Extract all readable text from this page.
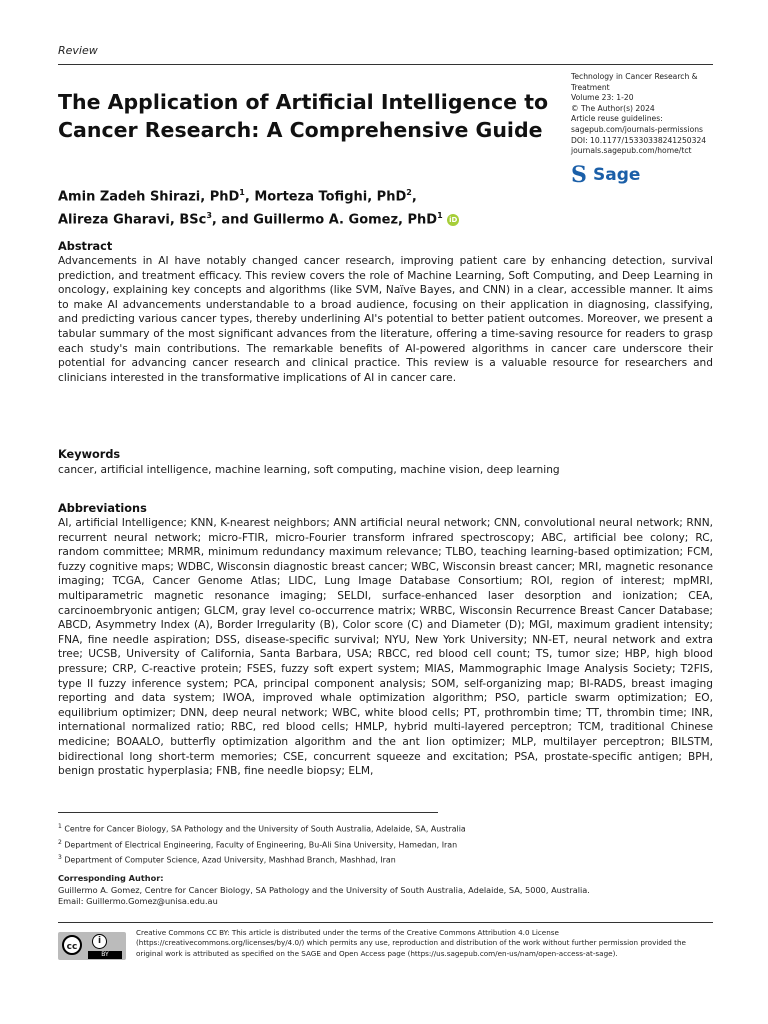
Review
The Application of Artificial Intelligence to Cancer Research: A Comprehensive Guide
Technology in Cancer Research & Treatment
Volume 23: 1-20
© The Author(s) 2024
Article reuse guidelines:
sagepub.com/journals-permissions
DOI: 10.1177/15330338241250324
journals.sagepub.com/home/tct
S Sage
Amin Zadeh Shirazi, PhD$^1$, Morteza Tofighi, PhD$^2$,
Alireza Gharavi, BSc$^3$, and Guillermo A. Gomez, PhD$^1$ iD
Abstract
Advancements in AI have notably changed cancer research, improving patient care by enhancing detection, survival prediction, and treatment efficacy. This review covers the role of Machine Learning, Soft Computing, and Deep Learning in oncology, explaining key concepts and algorithms (like SVM, Naïve Bayes, and CNN) in a clear, accessible manner. It aims to make AI advancements understandable to a broad audience, focusing on their application in diagnosing, classifying, and predicting various cancer types, thereby underlining AI's potential to better patient outcomes. Moreover, we present a tabular summary of the most significant advances from the literature, offering a time-saving resource for readers to grasp each study's main contributions. The remarkable benefits of AI-powered algorithms in cancer care underscore their potential for advancing cancer research and clinical practice. This review is a valuable resource for researchers and clinicians interested in the transformative implications of AI in cancer care.
Keywords
cancer, artificial intelligence, machine learning, soft computing, machine vision, deep learning
Abbreviations
AI, artificial Intelligence; KNN, K-nearest neighbors; ANN artificial neural network; CNN, convolutional neural network; RNN, recurrent neural network; micro-FTIR, micro-Fourier transform infrared spectroscopy; ABC, artificial bee colony; RC, random committee; MRMR, minimum redundancy maximum relevance; TLBO, teaching learning-based optimization; FCM, fuzzy cognitive maps; WDBC, Wisconsin diagnostic breast cancer; WBC, Wisconsin breast cancer; MRI, magnetic resonance imaging; TCGA, Cancer Genome Atlas; LIDC, Lung Image Database Consortium; ROI, region of interest; mpMRI, multiparametric magnetic resonance imaging; SELDI, surface-enhanced laser desorption and ionization; CEA, carcinoembryonic antigen; GLCM, gray level co-occurrence matrix; WRBC, Wisconsin Recurrence Breast Cancer Database; ABCD, Asymmetry Index (A), Border Irregularity (B), Color score (C) and Diameter (D); MGI, maximum gradient intensity; FNA, fine needle aspiration; DSS, disease-specific survival; NYU, New York University; NN-ET, neural network and extra tree; UCSB, University of California, Santa Barbara, USA; RBCC, red blood cell count; TS, tumor size; HBP, high blood pressure; CRP, C-reactive protein; FSES, fuzzy soft expert system; MIAS, Mammographic Image Analysis Society; T2FIS, type II fuzzy inference system; PCA, principal component analysis; SOM, self-organizing map; BI-RADS, breast imaging reporting and data system; IWOA, improved whale optimization algorithm; PSO, particle swarm optimization; EO, equilibrium optimizer; DNN, deep neural network; WBC, white blood cells; PT, prothrombin time; TT, thrombin time; INR, international normalized ratio; RBC, red blood cells; HMLP, hybrid multi-layered perceptron; TCM, traditional Chinese medicine; BOAALO, butterfly optimization algorithm and the ant lion optimizer; MLP, multilayer perceptron; BILSTM, bidirectional long short-term memories; CSE, concurrent squeeze and excitation; PSA, prostate-specific antigen; BPH, benign prostatic hyperplasia; FNB, fine needle biopsy; ELM,
$^1$ Centre for Cancer Biology, SA Pathology and the University of South Australia, Adelaide, SA, Australia
$^2$ Department of Electrical Engineering, Faculty of Engineering, Bu-Ali Sina University, Hamedan, Iran
$^3$ Department of Computer Science, Azad University, Mashhad Branch, Mashhad, Iran
Corresponding Author:
Guillermo A. Gomez, Centre for Cancer Biology, SA Pathology and the University of South Australia, Adelaide, SA, 5000, Australia.
Email: Guillermo.Gomez@unisa.edu.au
cc
i
BY
Creative Commons CC BY: This article is distributed under the terms of the Creative Commons Attribution 4.0 License (https://creativecommons.org/licenses/by/4.0/) which permits any use, reproduction and distribution of the work without further permission provided the original work is attributed as specified on the SAGE and Open Access page (https://us.sagepub.com/en-us/nam/open-access-at-sage).
